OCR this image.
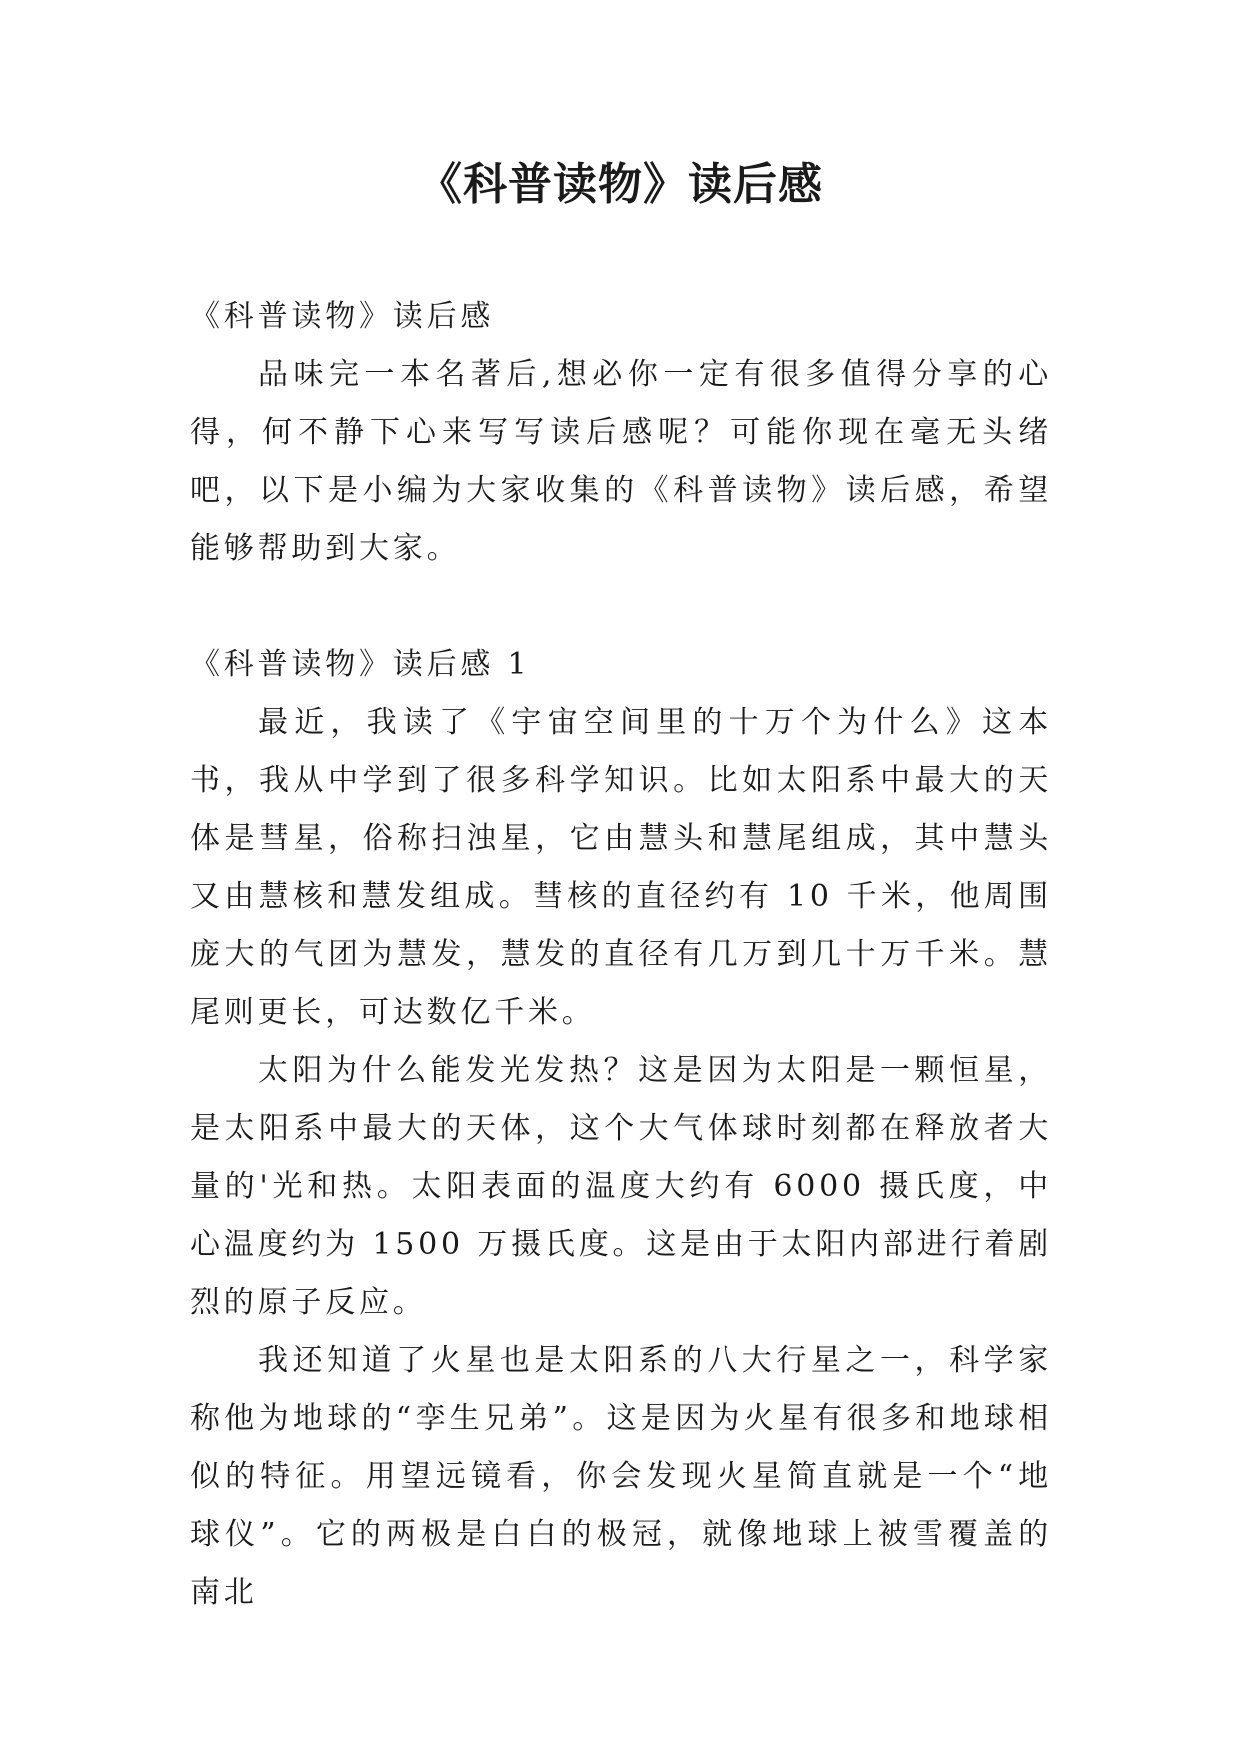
《科普读物》读后感

《科普读物》读后感

品味完一本名著后,想必你一定有很多值得分享的心得，何不静下心来写写读后感呢？可能你现在毫无头绪吧，以下是小编为大家收集的《科普读物》读后感，希望能够帮助到大家。

《科普读物》读后感 1

最近，我读了《宇宙空间里的十万个为什么》这本书，我从中学到了很多科学知识。比如太阳系中最大的天体是彗星，俗称扫浊星，它由慧头和慧尾组成，其中慧头又由慧核和慧发组成。彗核的直径约有 10 千米，他周围庞大的气团为慧发，慧发的直径有几万到几十万千米。慧尾则更长，可达数亿千米。

太阳为什么能发光发热？这是因为太阳是一颗恒星，是太阳系中最大的天体，这个大气体球时刻都在释放者大量的'光和热。太阳表面的温度大约有 6000 摄氏度，中心温度约为 1500 万摄氏度。这是由于太阳内部进行着剧烈的原子反应。

我还知道了火星也是太阳系的八大行星之一，科学家称他为地球的“孪生兄弟”。这是因为火星有很多和地球相似的特征。用望远镜看，你会发现火星简直就是一个“地球仪”。它的两极是白白的极冠，就像地球上被雪覆盖的南北
